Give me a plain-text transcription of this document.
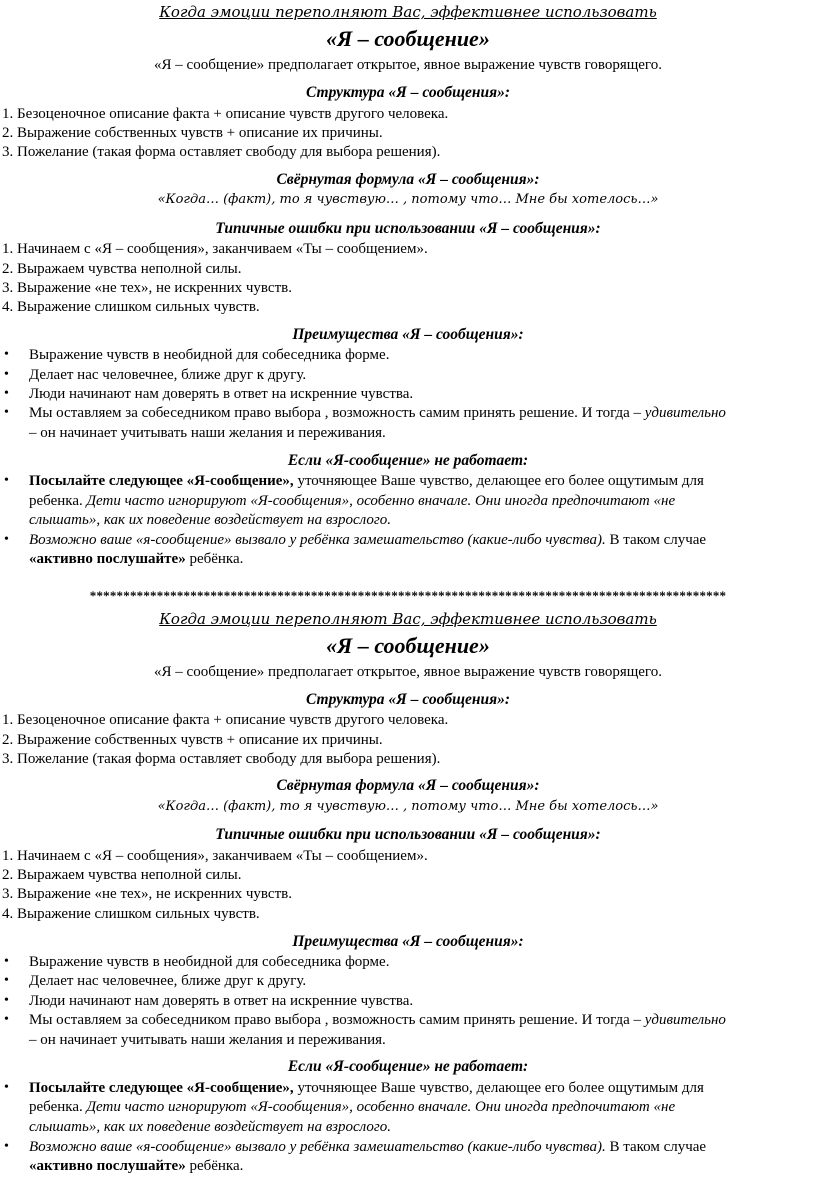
Когда эмоции переполняют Вас, эффективнее использовать
«Я – сообщение»
«Я – сообщение» предполагает открытое, явное выражение чувств говорящего.
Структура «Я – сообщения»:
1. Безоценочное описание факта + описание чувств другого человека.
2. Выражение собственных чувств + описание их причины.
3. Пожелание (такая форма оставляет свободу для выбора решения).
Свёрнутая формула «Я – сообщения»:
«Когда… (факт), то я чувствую… , потому что… Мне бы хотелось…»
Типичные ошибки при использовании «Я – сообщения»:
1. Начинаем с «Я – сообщения», заканчиваем «Ты – сообщением».
2. Выражаем чувства неполной силы.
3. Выражение «не тех», не искренних чувств.
4. Выражение слишком сильных чувств.
Преимущества «Я – сообщения»:
•	Выражение чувств в необидной для собеседника форме.
•	Делает нас человечнее, ближе друг к другу.
•	Люди начинают нам доверять в ответ на искренние чувства.
•	Мы оставляем за собеседником право выбора , возможность самим принять решение. И тогда – удивительно
– он начинает учитывать наши желания и переживания.
Если «Я-сообщение» не работает:
•	Посылайте следующее «Я-сообщение», уточняющее Ваше чувство, делающее его более ощутимым для
ребенка. Дети часто игнорируют «Я-сообщения», особенно вначале. Они иногда предпочитают «не
слышать», как их поведение воздействует на взрослого.
•	Возможно ваше «я-сообщение» вызвало у ребёнка замешательство (какие-либо чувства). В таком случае
«активно послушайте» ребёнка.
***********************************************************************************************
Когда эмоции переполняют Вас, эффективнее использовать
«Я – сообщение»
«Я – сообщение» предполагает открытое, явное выражение чувств говорящего.
Структура «Я – сообщения»:
1. Безоценочное описание факта + описание чувств другого человека.
2. Выражение собственных чувств + описание их причины.
3. Пожелание (такая форма оставляет свободу для выбора решения).
Свёрнутая формула «Я – сообщения»:
«Когда… (факт), то я чувствую… , потому что… Мне бы хотелось…»
Типичные ошибки при использовании «Я – сообщения»:
1. Начинаем с «Я – сообщения», заканчиваем «Ты – сообщением».
2. Выражаем чувства неполной силы.
3. Выражение «не тех», не искренних чувств.
4. Выражение слишком сильных чувств.
Преимущества «Я – сообщения»:
•	Выражение чувств в необидной для собеседника форме.
•	Делает нас человечнее, ближе друг к другу.
•	Люди начинают нам доверять в ответ на искренние чувства.
•	Мы оставляем за собеседником право выбора , возможность самим принять решение. И тогда – удивительно
– он начинает учитывать наши желания и переживания.
Если «Я-сообщение» не работает:
•	Посылайте следующее «Я-сообщение», уточняющее Ваше чувство, делающее его более ощутимым для
ребенка. Дети часто игнорируют «Я-сообщения», особенно вначале. Они иногда предпочитают «не
слышать», как их поведение воздействует на взрослого.
•	Возможно ваше «я-сообщение» вызвало у ребёнка замешательство (какие-либо чувства). В таком случае
«активно послушайте» ребёнка.
